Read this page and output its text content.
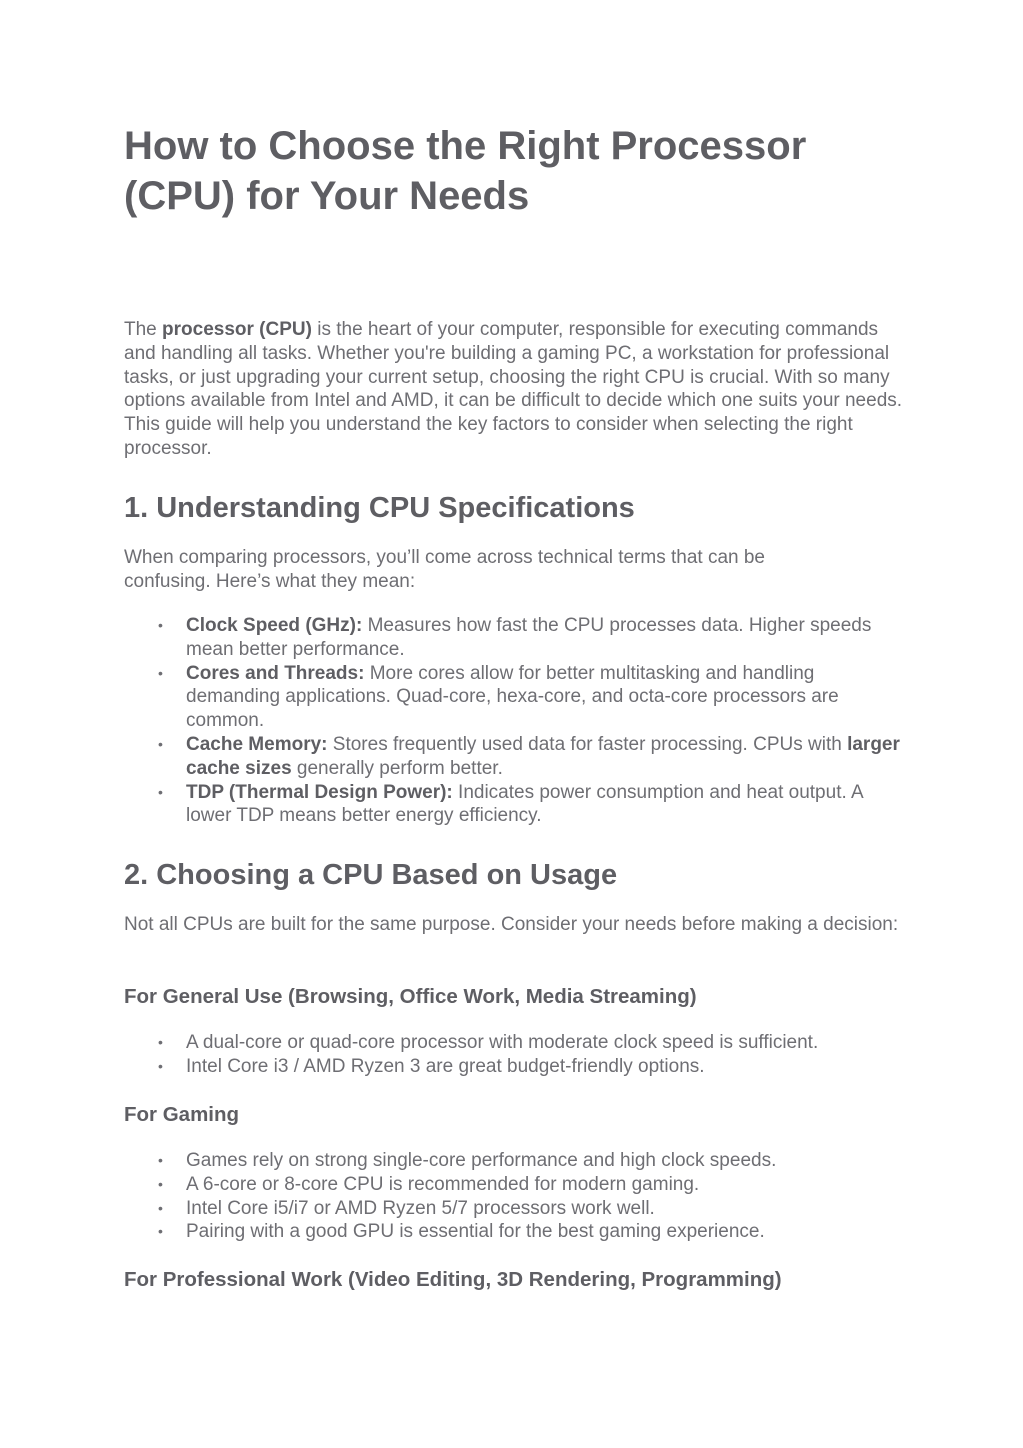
How to Choose the Right Processor (CPU) for Your Needs

The processor (CPU) is the heart of your computer, responsible for executing commands and handling all tasks. Whether you're building a gaming PC, a workstation for professional tasks, or just upgrading your current setup, choosing the right CPU is crucial. With so many options available from Intel and AMD, it can be difficult to decide which one suits your needs. This guide will help you understand the key factors to consider when selecting the right processor.

1. Understanding CPU Specifications

When comparing processors, you’ll come across technical terms that can be confusing. Here’s what they mean:

• Clock Speed (GHz): Measures how fast the CPU processes data. Higher speeds mean better performance.
• Cores and Threads: More cores allow for better multitasking and handling demanding applications. Quad-core, hexa-core, and octa-core processors are common.
• Cache Memory: Stores frequently used data for faster processing. CPUs with larger cache sizes generally perform better.
• TDP (Thermal Design Power): Indicates power consumption and heat output. A lower TDP means better energy efficiency.
2. Choosing a CPU Based on Usage

Not all CPUs are built for the same purpose. Consider your needs before making a decision:

For General Use (Browsing, Office Work, Media Streaming)
• A dual-core or quad-core processor with moderate clock speed is sufficient.
• Intel Core i3 / AMD Ryzen 3 are great budget-friendly options.
For Gaming
• Games rely on strong single-core performance and high clock speeds.
• A 6-core or 8-core CPU is recommended for modern gaming.
• Intel Core i5/i7 or AMD Ryzen 5/7 processors work well.
• Pairing with a good GPU is essential for the best gaming experience.
For Professional Work (Video Editing, 3D Rendering, Programming)
